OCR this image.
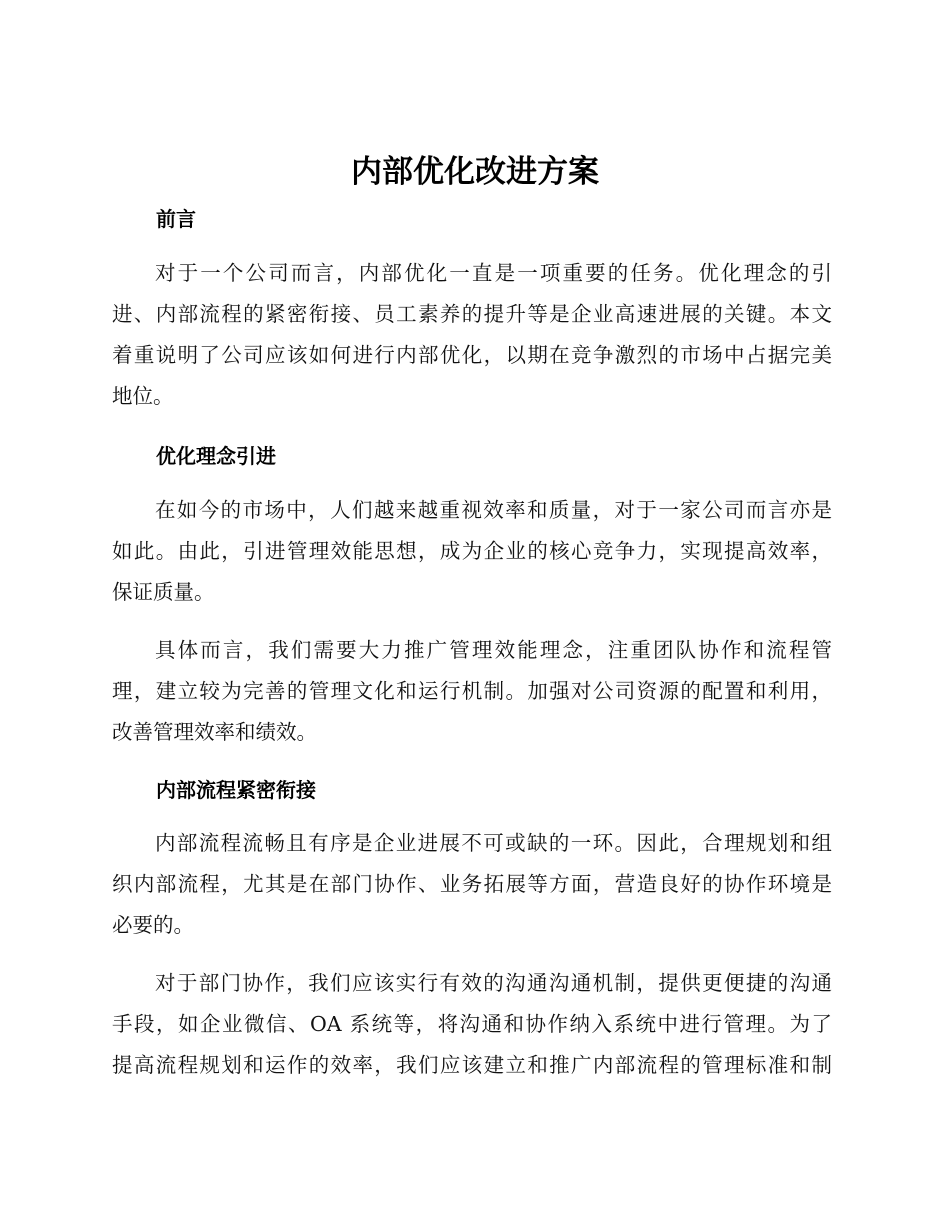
内部优化改进方案
前言
对于一个公司而言，内部优化一直是一项重要的任务。优化理念的引
进、内部流程的紧密衔接、员工素养的提升等是企业高速进展的关键。本文
着重说明了公司应该如何进行内部优化，以期在竞争激烈的市场中占据完美
地位。
优化理念引进
在如今的市场中，人们越来越重视效率和质量，对于一家公司而言亦是
如此。由此，引进管理效能思想，成为企业的核心竞争力，实现提高效率，
保证质量。
具体而言，我们需要大力推广管理效能理念，注重团队协作和流程管
理，建立较为完善的管理文化和运行机制。加强对公司资源的配置和利用，
改善管理效率和绩效。
内部流程紧密衔接
内部流程流畅且有序是企业进展不可或缺的一环。因此，合理规划和组
织内部流程，尤其是在部门协作、业务拓展等方面，营造良好的协作环境是
必要的。
对于部门协作，我们应该实行有效的沟通沟通机制，提供更便捷的沟通
手段，如企业微信、OA 系统等，将沟通和协作纳入系统中进行管理。为了
提高流程规划和运作的效率，我们应该建立和推广内部流程的管理标准和制
